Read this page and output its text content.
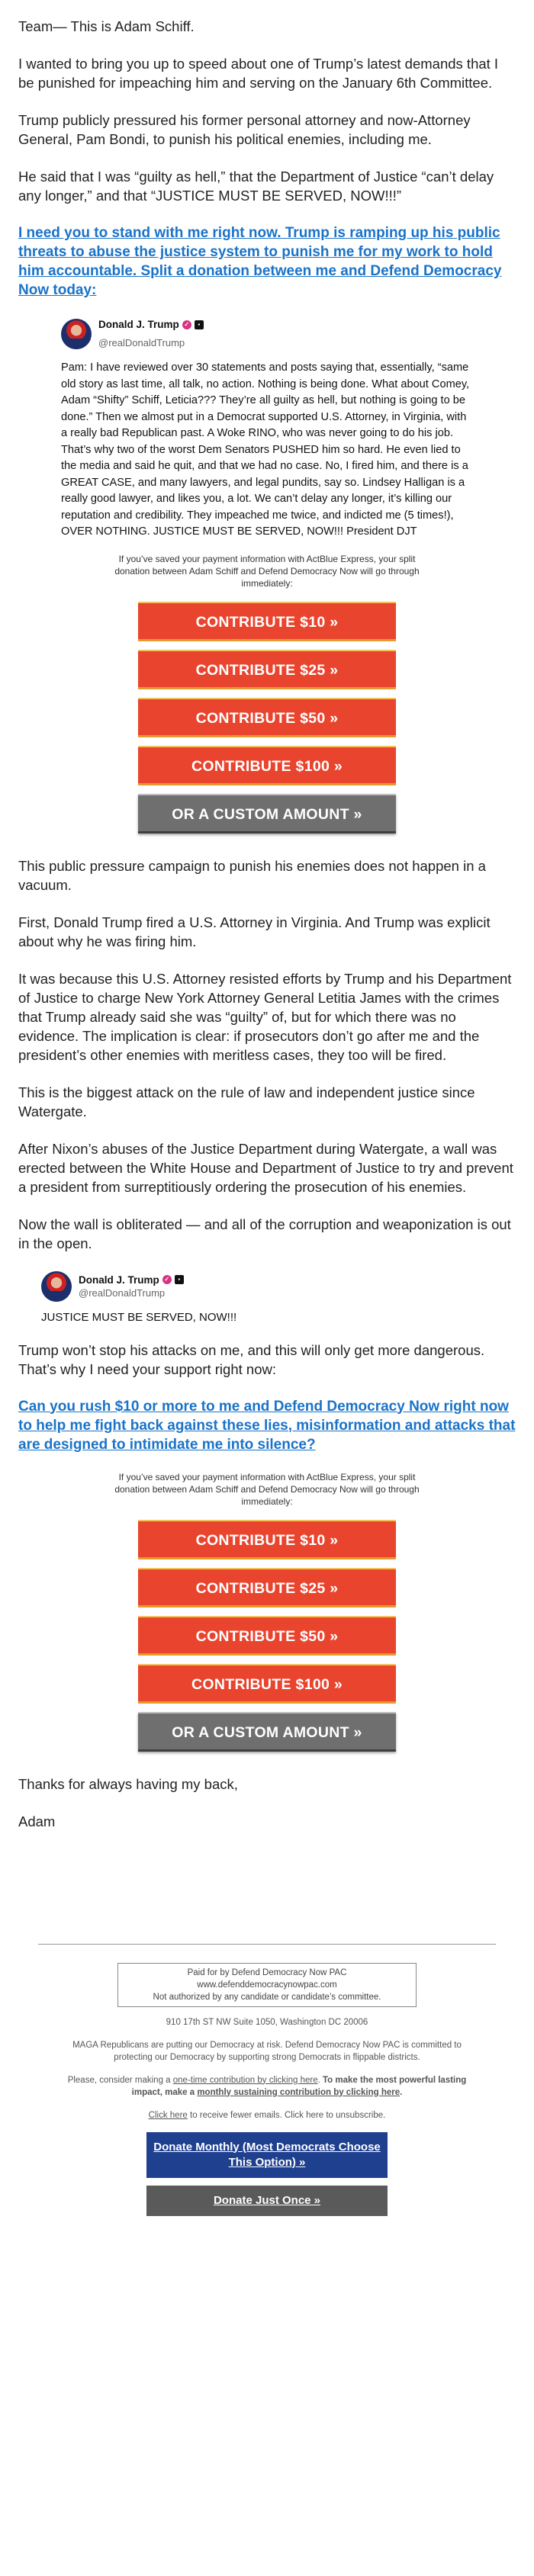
Team— This is Adam Schiff.

I wanted to bring you up to speed about one of Trump’s latest demands that I be punished for impeaching him and serving on the January 6th Committee.

Trump publicly pressured his former personal attorney and now-Attorney General, Pam Bondi, to punish his political enemies, including me.

He said that I was “guilty as hell,” that the Department of Justice “can’t delay any longer,” and that “JUSTICE MUST BE SERVED, NOW!!!”

I need you to stand with me right now. Trump is ramping up his public threats to abuse the justice system to punish me for my work to hold him accountable. Split a donation between me and Defend Democracy Now today:
Donald J. Trump ✓	▪
@realDonaldTrump
Pam: I have reviewed over 30 statements and posts saying that, essentially, “same old story as last time, all talk, no action. Nothing is being done. What about Comey, Adam “Shifty” Schiff, Leticia??? They’re all guilty as hell, but nothing is going to be done.” Then we almost put in a Democrat supported U.S. Attorney, in Virginia, with a really bad Republican past. A Woke RINO, who was never going to do his job. That’s why two of the worst Dem Senators PUSHED him so hard. He even lied to the media and said he quit, and that we had no case. No, I fired him, and there is a GREAT CASE, and many lawyers, and legal pundits, say so. Lindsey Halligan is a really good lawyer, and likes you, a lot. We can’t delay any longer, it’s killing our reputation and credibility. They impeached me twice, and indicted me (5 times!), OVER NOTHING. JUSTICE MUST BE SERVED, NOW!!! President DJT
If you’ve saved your payment information with ActBlue Express, your split donation between Adam Schiff and Defend Democracy Now will go through immediately:
CONTRIBUTE $10 »
CONTRIBUTE $25 »
CONTRIBUTE $50 »
CONTRIBUTE $100 »
OR A CUSTOM AMOUNT »

This public pressure campaign to punish his enemies does not happen in a vacuum.

First, Donald Trump fired a U.S. Attorney in Virginia. And Trump was explicit about why he was firing him.

It was because this U.S. Attorney resisted efforts by Trump and his Department of Justice to charge New York Attorney General Letitia James with the crimes that Trump already said she was “guilty” of, but for which there was no evidence. The implication is clear: if prosecutors don’t go after me and the president’s other enemies with meritless cases, they too will be fired.

This is the biggest attack on the rule of law and independent justice since Watergate.

After Nixon’s abuses of the Justice Department during Watergate, a wall was erected between the White House and Department of Justice to try and prevent a president from surreptitiously ordering the prosecution of his enemies.

Now the wall is obliterated — and all of the corruption and weaponization is out in the open.

Donald J. Trump ✓	▪
@realDonaldTrump
JUSTICE MUST BE SERVED, NOW!!!

Trump won’t stop his attacks on me, and this will only get more dangerous. That’s why I need your support right now:

Can you rush $10 or more to me and Defend Democracy Now right now to help me fight back against these lies, misinformation and attacks that are designed to intimidate me into silence?
If you’ve saved your payment information with ActBlue Express, your split donation between Adam Schiff and Defend Democracy Now will go through immediately:
CONTRIBUTE $10 »
CONTRIBUTE $25 »
CONTRIBUTE $50 »
CONTRIBUTE $100 »
OR A CUSTOM AMOUNT »

Thanks for always having my back,

Adam

Paid for by Defend Democracy Now PAC
www.defenddemocracynowpac.com
Not authorized by any candidate or candidate’s committee.
910 17th ST NW Suite 1050, Washington DC 20006
MAGA Republicans are putting our Democracy at risk. Defend Democracy Now PAC is committed to protecting our Democracy by supporting strong Democrats in flippable districts.
Please, consider making a one-time contribution by clicking here. To make the most powerful lasting impact, make a monthly sustaining contribution by clicking here.
Click here to receive fewer emails. Click here to unsubscribe.
Donate Monthly (Most Democrats Choose This Option) »
Donate Just Once »
